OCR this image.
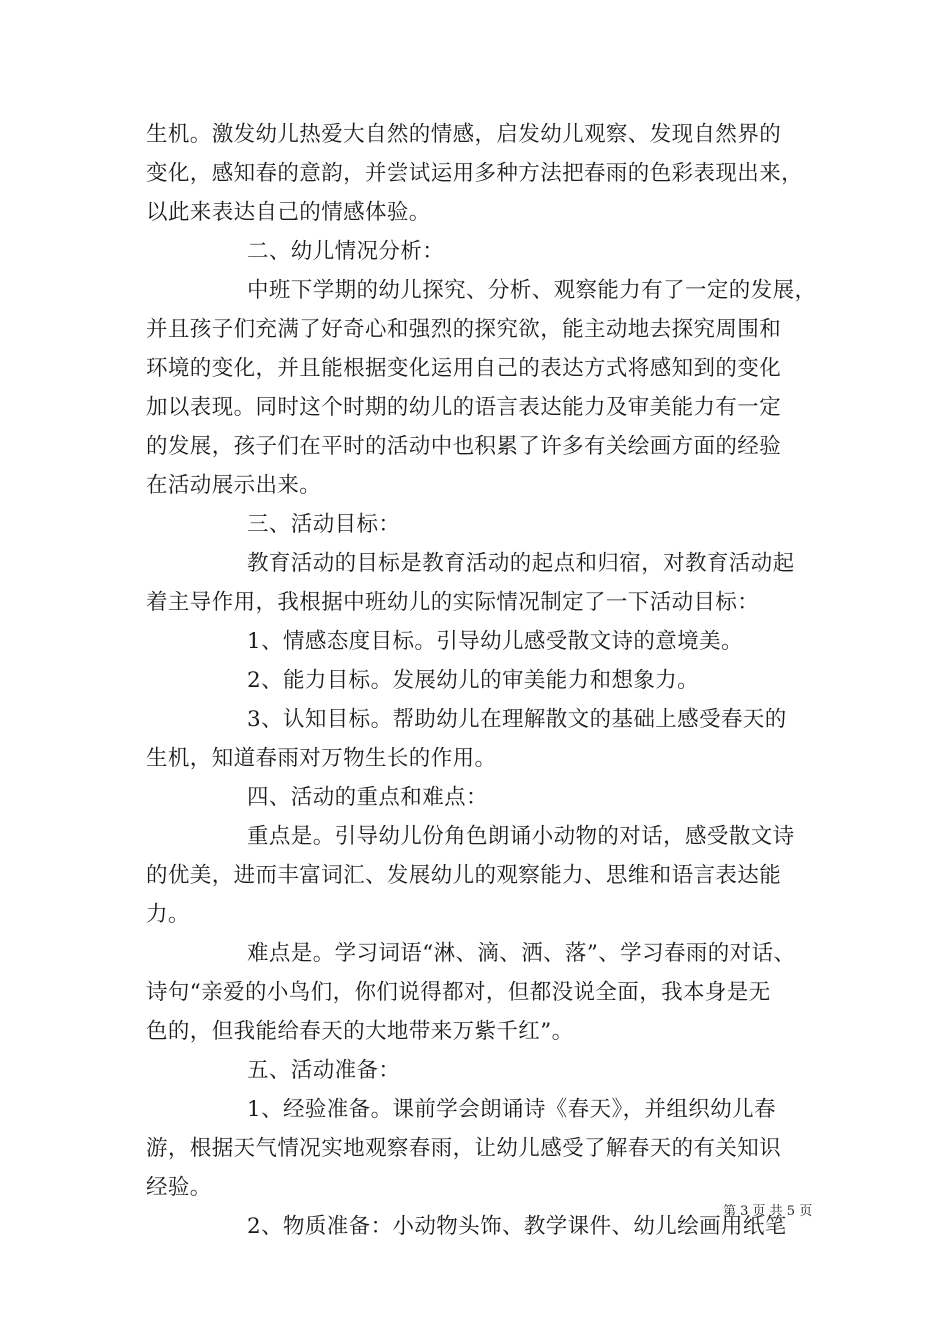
生机。激发幼儿热爱大自然的情感，启发幼儿观察、发现自然界的
变化，感知春的意韵，并尝试运用多种方法把春雨的色彩表现出来，
以此来表达自己的情感体验。
二、幼儿情况分析：
中班下学期的幼儿探究、分析、观察能力有了一定的发展，
并且孩子们充满了好奇心和强烈的探究欲，能主动地去探究周围和
环境的变化，并且能根据变化运用自己的表达方式将感知到的变化
加以表现。同时这个时期的幼儿的语言表达能力及审美能力有一定
的发展，孩子们在平时的活动中也积累了许多有关绘画方面的经验
在活动展示出来。
三、活动目标：
教育活动的目标是教育活动的起点和归宿，对教育活动起
着主导作用，我根据中班幼儿的实际情况制定了一下活动目标：
1、情感态度目标。引导幼儿感受散文诗的意境美。
2、能力目标。发展幼儿的审美能力和想象力。
3、认知目标。帮助幼儿在理解散文的基础上感受春天的
生机，知道春雨对万物生长的作用。
四、活动的重点和难点：
重点是。引导幼儿份角色朗诵小动物的对话，感受散文诗
的优美，进而丰富词汇、发展幼儿的观察能力、思维和语言表达能
力。
难点是。学习词语“淋、滴、洒、落”、学习春雨的对话、
诗句“亲爱的小鸟们，你们说得都对，但都没说全面，我本身是无
色的，但我能给春天的大地带来万紫千红”。
五、活动准备：
1、经验准备。课前学会朗诵诗《春天》，并组织幼儿春
游，根据天气情况实地观察春雨，让幼儿感受了解春天的有关知识
经验。
2、物质准备：小动物头饰、教学课件、幼儿绘画用纸笔
第 3 页 共 5 页
